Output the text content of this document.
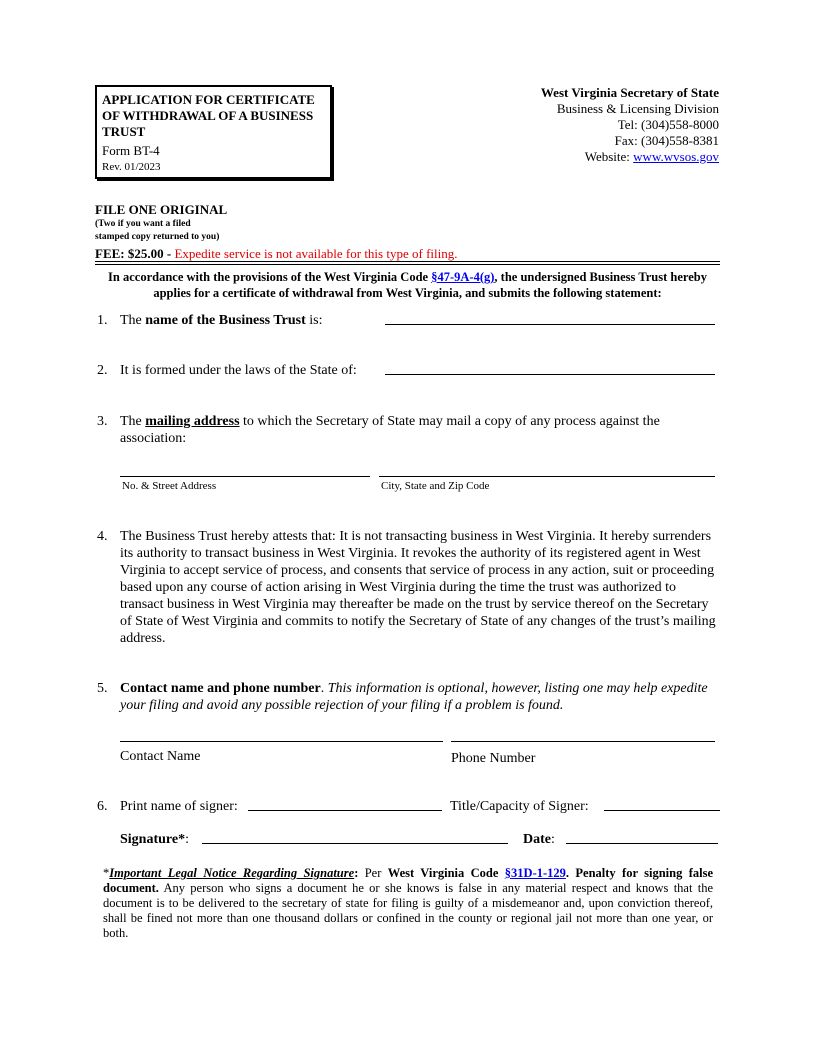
APPLICATION FOR CERTIFICATE OF WITHDRAWAL OF A BUSINESS TRUST
Form BT-4
Rev. 01/2023
West Virginia Secretary of State
Business & Licensing Division
Tel: (304)558-8000
Fax: (304)558-8381
Website: www.wvsos.gov
FILE ONE ORIGINAL
(Two if you want a filed
stamped copy returned to you)
FEE: $25.00 - Expedite service is not available for this type of filing.
In accordance with the provisions of the West Virginia Code §47-9A-4(g), the undersigned Business Trust hereby applies for a certificate of withdrawal from West Virginia, and submits the following statement:
1. The name of the Business Trust is:
2. It is formed under the laws of the State of:
3. The mailing address to which the Secretary of State may mail a copy of any process against the association:
No. & Street Address	City, State and Zip Code
4. The Business Trust hereby attests that: It is not transacting business in West Virginia. It hereby surrenders its authority to transact business in West Virginia. It revokes the authority of its registered agent in West Virginia to accept service of process, and consents that service of process in any action, suit or proceeding based upon any course of action arising in West Virginia during the time the trust was authorized to transact business in West Virginia may thereafter be made on the trust by service thereof on the Secretary of State of West Virginia and commits to notify the Secretary of State of any changes of the trust’s mailing address.
5. Contact name and phone number. This information is optional, however, listing one may help expedite your filing and avoid any possible rejection of your filing if a problem is found.
Contact Name	Phone Number
6. Print name of signer:	Title/Capacity of Signer:
Signature*:	Date:
*Important Legal Notice Regarding Signature: Per West Virginia Code §31D-1-129. Penalty for signing false document. Any person who signs a document he or she knows is false in any material respect and knows that the document is to be delivered to the secretary of state for filing is guilty of a misdemeanor and, upon conviction thereof, shall be fined not more than one thousand dollars or confined in the county or regional jail not more than one year, or both.
